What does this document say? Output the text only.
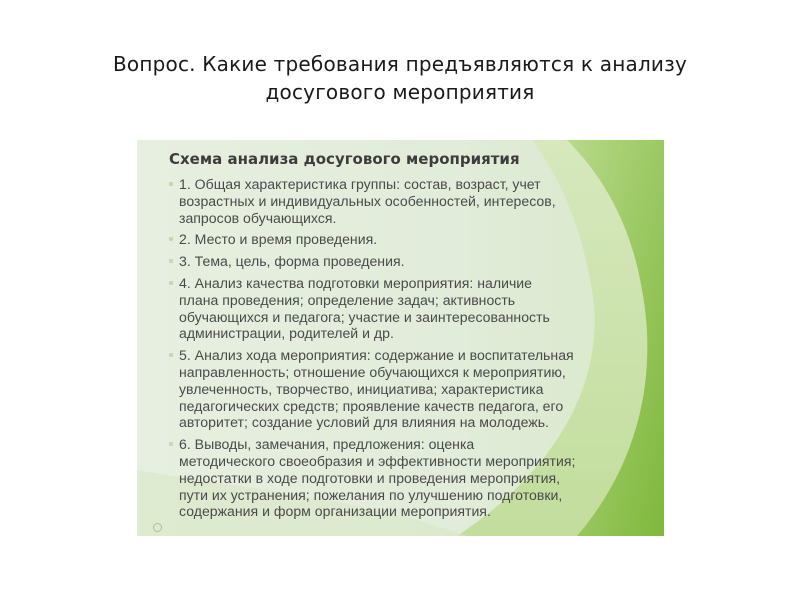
Вопрос. Какие требования предъявляются к анализу
досугового мероприятия
Схема анализа досугового мероприятия
1. Общая характеристика группы: состав, возраст, учет
возрастных и индивидуальных особенностей, интересов,
запросов обучающихся.
2. Место и время проведения.
3. Тема, цель, форма проведения.
4. Анализ качества подготовки мероприятия: наличие
плана проведения; определение задач; активность
обучающихся и педагога; участие и заинтересованность
администрации, родителей и др.
5. Анализ хода мероприятия: содержание и воспитательная
направленность; отношение обучающихся к мероприятию,
увлеченность, творчество, инициатива; характеристика
педагогических средств; проявление качеств педагога, его
авторитет; создание условий для влияния на молодежь.
6. Выводы, замечания, предложения: оценка
методического своеобразия и эффективности мероприятия;
недостатки в ходе подготовки и проведения мероприятия,
пути их устранения; пожелания по улучшению подготовки,
содержания и форм организации мероприятия.
